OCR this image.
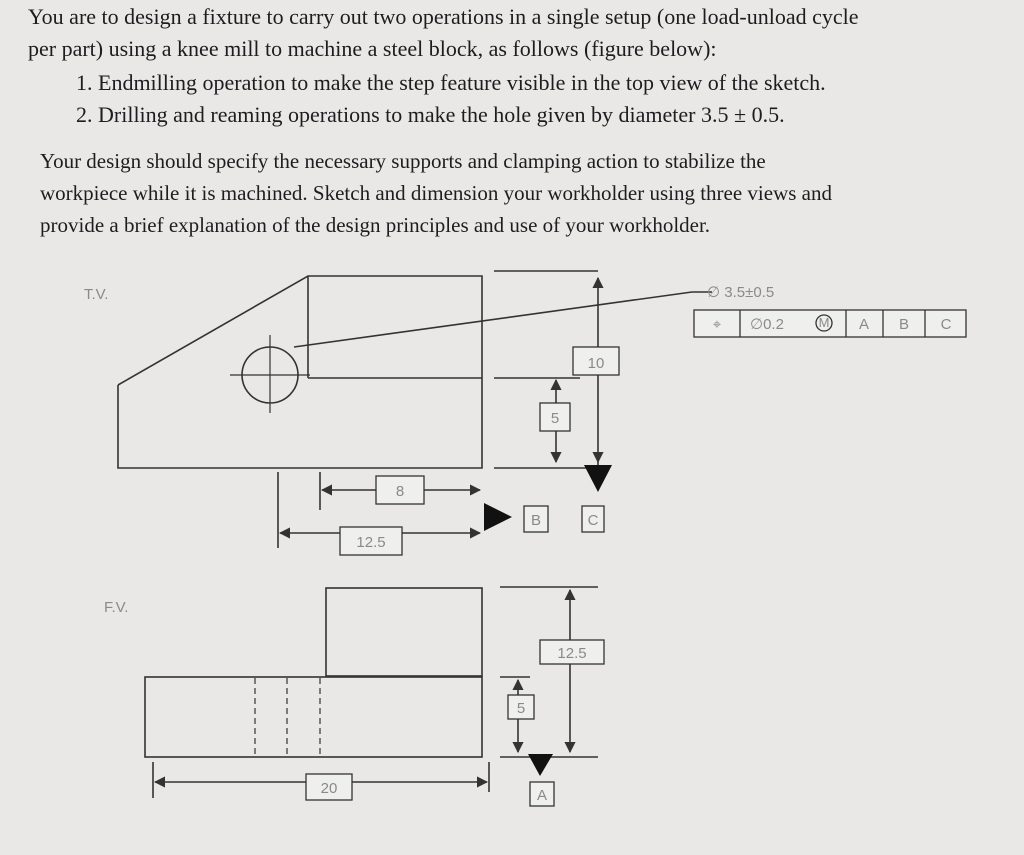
You are to design a fixture to carry out two operations in a single setup (one load-unload cycle
per part) using a knee mill to machine a steel block, as follows (figure below):
1. Endmilling operation to make the step feature visible in the top view of the sketch.
2. Drilling and reaming operations to make the hole given by diameter 3.5 ± 0.5.
Your design should specify the necessary supports and clamping action to stabilize the
workpiece while it is machined. Sketch and dimension your workholder using three views and
provide a brief explanation of the design principles and use of your workholder.
T.V.
F.V.
∅ 3.5±0.5
⌖ ∅0.2	M A B C
10
5
8
12.5
B	C
12.5
5
20	A
